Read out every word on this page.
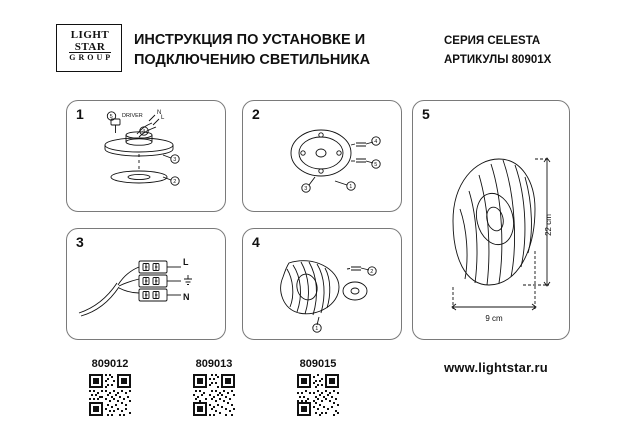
LIGHT
STAR
G R O U P
ИНСТРУКЦИЯ ПО УСТАНОВКЕ И
ПОДКЛЮЧЕНИЮ СВЕТИЛЬНИКА
СЕРИЯ CELESTA
АРТИКУЛЫ 80901X
1	DRIVER
5
4
3
2
N
L	2
4
5
3	1
3
L
N
4
2
1
5
22 cm
9 cm
809012	809013	809015	www.lightstar.ru
